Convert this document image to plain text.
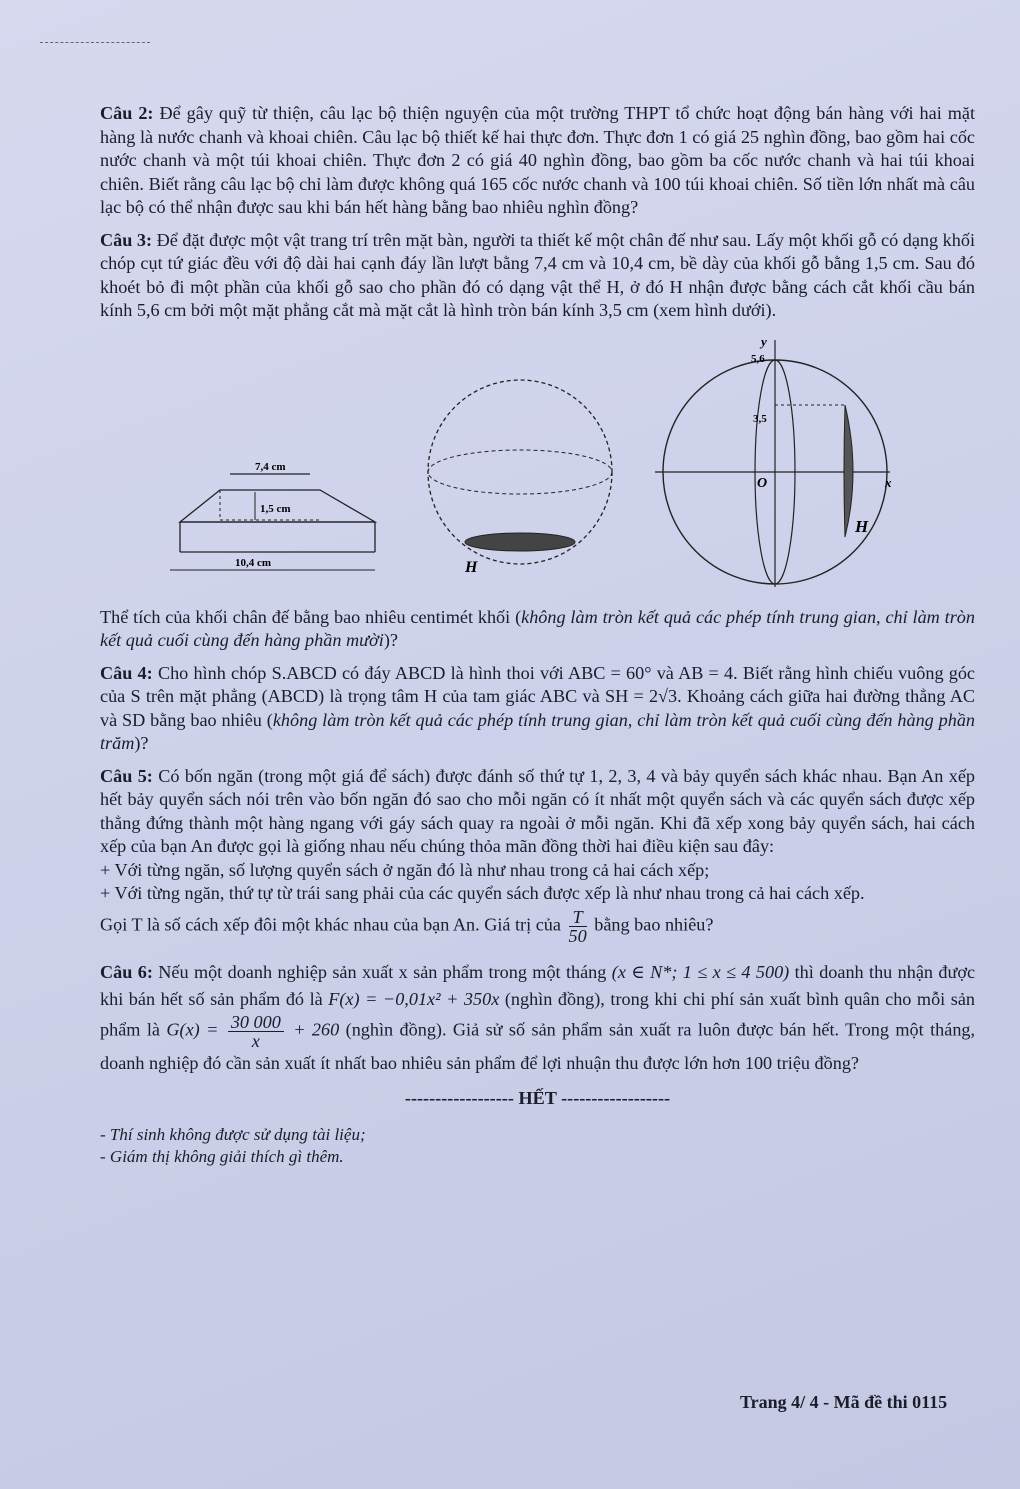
Câu 2: Để gây quỹ từ thiện, câu lạc bộ thiện nguyện của một trường THPT tổ chức hoạt động bán hàng với hai mặt hàng là nước chanh và khoai chiên. Câu lạc bộ thiết kế hai thực đơn. Thực đơn 1 có giá 25 nghìn đồng, bao gồm hai cốc nước chanh và một túi khoai chiên. Thực đơn 2 có giá 40 nghìn đồng, bao gồm ba cốc nước chanh và hai túi khoai chiên. Biết rằng câu lạc bộ chỉ làm được không quá 165 cốc nước chanh và 100 túi khoai chiên. Số tiền lớn nhất mà câu lạc bộ có thể nhận được sau khi bán hết hàng bằng bao nhiêu nghìn đồng?

Câu 3: Để đặt được một vật trang trí trên mặt bàn, người ta thiết kế một chân đế như sau. Lấy một khối gỗ có dạng khối chóp cụt tứ giác đều với độ dài hai cạnh đáy lần lượt bằng 7,4 cm và 10,4 cm, bề dày của khối gỗ bằng 1,5 cm. Sau đó khoét bỏ đi một phần của khối gỗ sao cho phần đó có dạng vật thể H, ở đó H nhận được bằng cách cắt khối cầu bán kính 5,6 cm bởi một mặt phẳng cắt mà mặt cắt là hình tròn bán kính 3,5 cm (xem hình dưới).

7,4 cm
1,5 cm
10,4 cm	H
y
5,6
3,5
O	x
H

Thể tích của khối chân đế bằng bao nhiêu centimét khối (không làm tròn kết quả các phép tính trung gian, chỉ làm tròn kết quả cuối cùng đến hàng phần mười)?

Câu 4: Cho hình chóp S.ABCD có đáy ABCD là hình thoi với ABC = 60° và AB = 4. Biết rằng hình chiếu vuông góc của S trên mặt phẳng (ABCD) là trọng tâm H của tam giác ABC và SH = 2√3. Khoảng cách giữa hai đường thẳng AC và SD bằng bao nhiêu (không làm tròn kết quả các phép tính trung gian, chỉ làm tròn kết quả cuối cùng đến hàng phần trăm)?

Câu 5: Có bốn ngăn (trong một giá để sách) được đánh số thứ tự 1, 2, 3, 4 và bảy quyển sách khác nhau. Bạn An xếp hết bảy quyển sách nói trên vào bốn ngăn đó sao cho mỗi ngăn có ít nhất một quyển sách và các quyển sách được xếp thẳng đứng thành một hàng ngang với gáy sách quay ra ngoài ở mỗi ngăn. Khi đã xếp xong bảy quyển sách, hai cách xếp của bạn An được gọi là giống nhau nếu chúng thỏa mãn đồng thời hai điều kiện sau đây:
+ Với từng ngăn, số lượng quyển sách ở ngăn đó là như nhau trong cả hai cách xếp;
+ Với từng ngăn, thứ tự từ trái sang phải của các quyển sách được xếp là như nhau trong cả hai cách xếp.

Gọi T là số cách xếp đôi một khác nhau của bạn An. Giá trị của $\frac{T}{50}$ bằng bao nhiêu?

Câu 6: Nếu một doanh nghiệp sản xuất x sản phẩm trong một tháng (x ∈ N*; 1 ≤ x ≤ 4 500) thì doanh thu nhận được khi bán hết số sản phẩm đó là F(x) = −0,01x² + 350x (nghìn đồng), trong khi chi phí sản xuất bình quân cho mỗi sản phẩm là $G(x) = \frac{30 000}{x} + 260$ (nghìn đồng). Giả sử số sản phẩm sản xuất ra luôn được bán hết. Trong một tháng, doanh nghiệp đó cần sản xuất ít nhất bao nhiêu sản phẩm để lợi nhuận thu được lớn hơn 100 triệu đồng?

------------------ HẾT ------------------

- Thí sinh không được sử dụng tài liệu;

- Giám thị không giải thích gì thêm.

Trang 4/ 4 - Mã đề thi 0115
